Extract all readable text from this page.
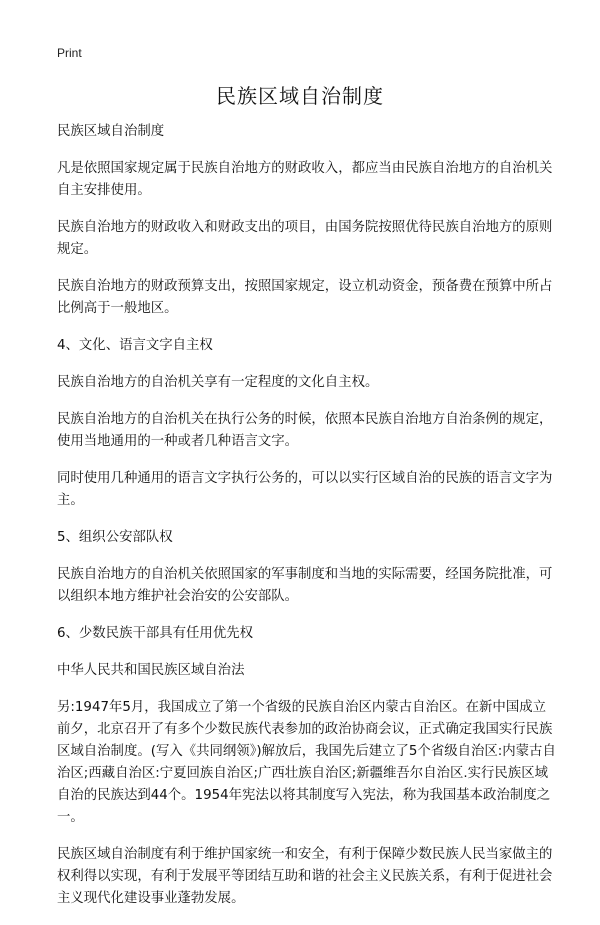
Print
民族区域自治制度

民族区域自治制度

凡是依照国家规定属于民族自治地方的财政收入，都应当由民族自治地方的自治机关自主安排使用。

民族自治地方的财政收入和财政支出的项目，由国务院按照优待民族自治地方的原则规定。

民族自治地方的财政预算支出，按照国家规定，设立机动资金，预备费在预算中所占比例高于一般地区。

4、文化、语言文字自主权

民族自治地方的自治机关享有一定程度的文化自主权。

民族自治地方的自治机关在执行公务的时候，依照本民族自治地方自治条例的规定，使用当地通用的一种或者几种语言文字。

同时使用几种通用的语言文字执行公务的，可以以实行区域自治的民族的语言文字为主。

5、组织公安部队权

民族自治地方的自治机关依照国家的军事制度和当地的实际需要，经国务院批准，可以组织本地方维护社会治安的公安部队。

6、少数民族干部具有任用优先权

中华人民共和国民族区域自治法

另:1947年5月，我国成立了第一个省级的民族自治区内蒙古自治区。在新中国成立前夕，北京召开了有多个少数民族代表参加的政治协商会议，正式确定我国实行民族区域自治制度。(写入《共同纲领》)解放后，我国先后建立了5个省级自治区:内蒙古自治区;西藏自治区:宁夏回族自治区;广西壮族自治区;新疆维吾尔自治区.实行民族区域自治的民族达到44个。1954年宪法以将其制度写入宪法，称为我国基本政治制度之一。

民族区域自治制度有利于维护国家统一和安全，有利于保障少数民族人民当家做主的权利得以实现，有利于发展平等团结互助和谐的社会主义民族关系，有利于促进社会主义现代化建设事业蓬勃发展。
